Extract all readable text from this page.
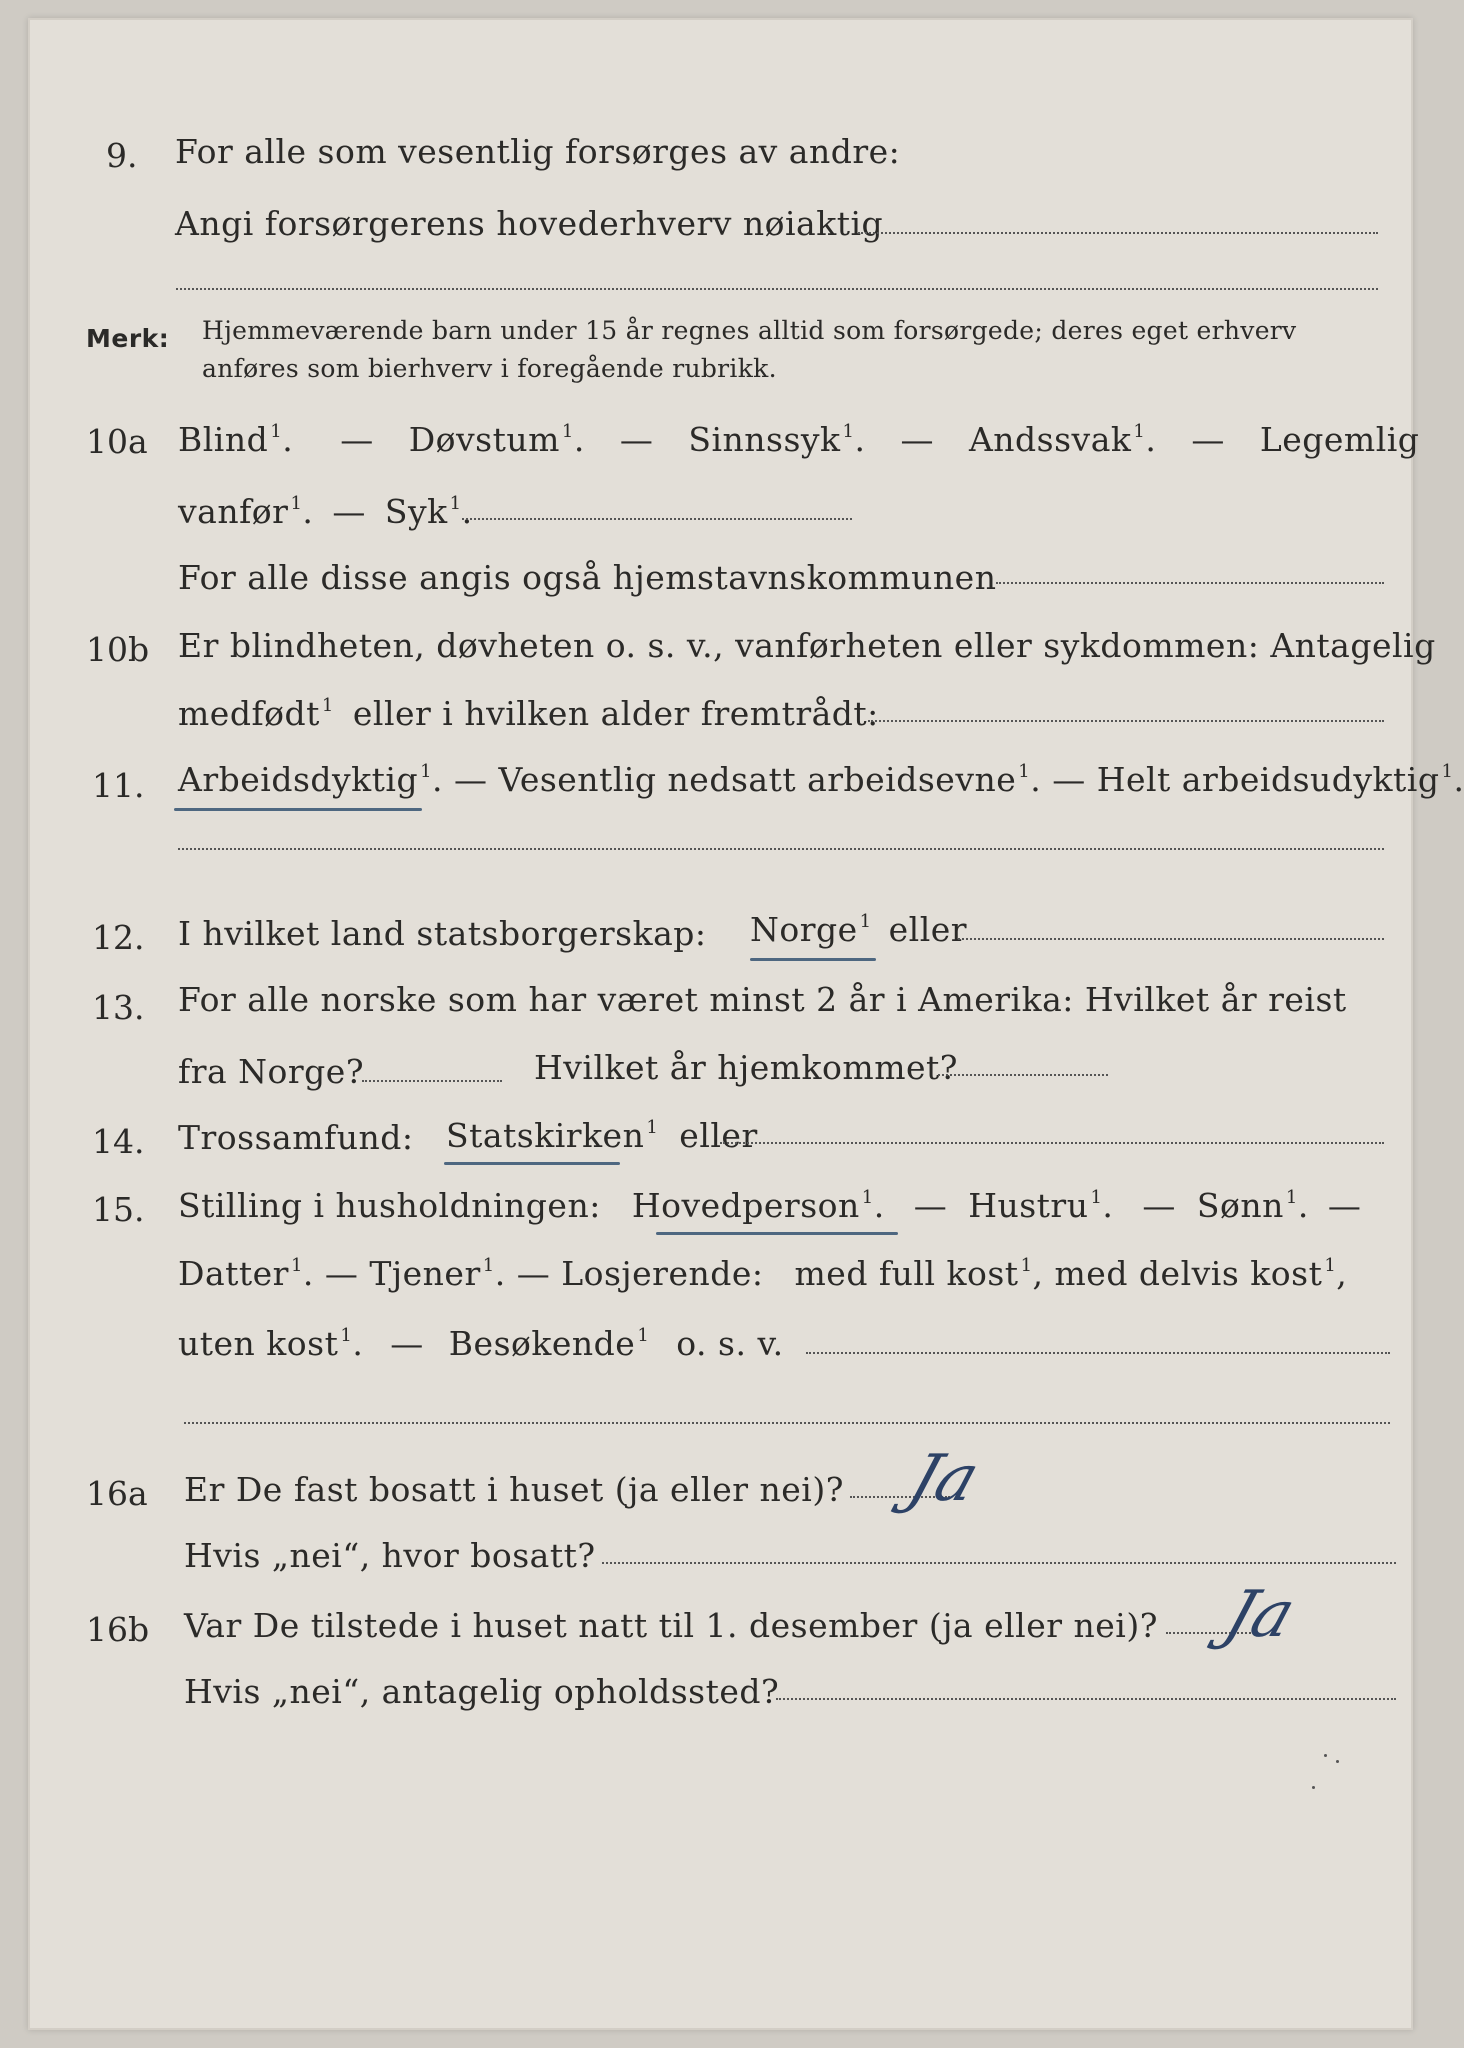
9. For alle som vesentlig forsørges av andre:
Angi forsørgerens hovederhverv nøiaktig
Merk: Hjemmeværende barn under 15 år regnes alltid som forsørgede; deres eget erhverv
anføres som bierhverv i foregående rubrikk.
10a Blind $^1$. — Døvstum $^1$. — Sinnssyk $^1$. — Andssvak $^1$. — Legemlig
vanfør $^1$. — Syk $^1$.
For alle disse angis også hjemstavnskommunen
10b Er blindheten, døvheten o. s. v., vanførheten eller sykdommen: Antagelig
medfødt $^1$ eller i hvilken alder fremtrådt:
11. Arbeidsdyktig $^1$. — Vesentlig nedsatt arbeidsevne $^1$. — Helt arbeidsudyktig $^1$.
12. I hvilket land statsborgerskap: Norge $^1$ eller
13. For alle norske som har været minst 2 år i Amerika: Hvilket år reist
fra Norge?	Hvilket år hjemkommet?
14. Trossamfund: Statskirken $^1$ eller
15. Stilling i husholdningen: Hovedperson $^1$. — Hustru $^1$. — Sønn $^1$. —
Datter $^1$. — Tjener $^1$. — Losjerende: med full kost $^1$, med delvis kost $^1$,
uten kost $^1$. — Besøkende $^1$ o. s. v.
16a Er De fast bosatt i huset (ja eller nei)? Ja
Hvis „nei“, hvor bosatt?
16b Var De tilstede i huset natt til 1. desember (ja eller nei)? Ja
Hvis „nei“, antagelig opholdssted?
